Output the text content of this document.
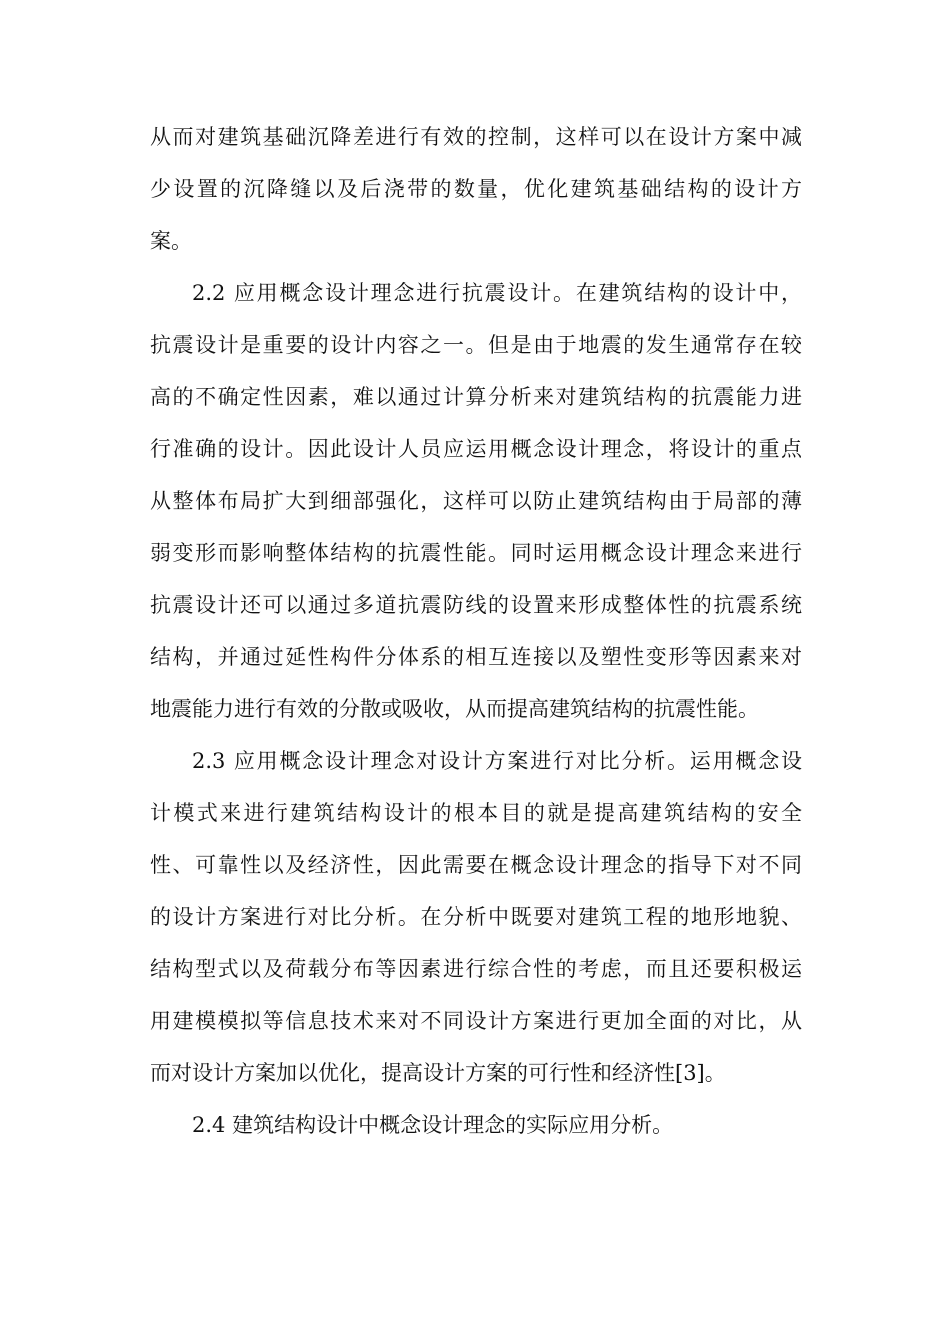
从而对建筑基础沉降差进行有效的控制，这样可以在设计方案中减
少设置的沉降缝以及后浇带的数量，优化建筑基础结构的设计方
案。
2.2 应用概念设计理念进行抗震设计。在建筑结构的设计中，
抗震设计是重要的设计内容之一。但是由于地震的发生通常存在较
高的不确定性因素，难以通过计算分析来对建筑结构的抗震能力进
行准确的设计。因此设计人员应运用概念设计理念，将设计的重点
从整体布局扩大到细部强化，这样可以防止建筑结构由于局部的薄
弱变形而影响整体结构的抗震性能。同时运用概念设计理念来进行
抗震设计还可以通过多道抗震防线的设置来形成整体性的抗震系统
结构，并通过延性构件分体系的相互连接以及塑性变形等因素来对
地震能力进行有效的分散或吸收，从而提高建筑结构的抗震性能。
2.3 应用概念设计理念对设计方案进行对比分析。运用概念设
计模式来进行建筑结构设计的根本目的就是提高建筑结构的安全
性、可靠性以及经济性，因此需要在概念设计理念的指导下对不同
的设计方案进行对比分析。在分析中既要对建筑工程的地形地貌、
结构型式以及荷载分布等因素进行综合性的考虑，而且还要积极运
用建模模拟等信息技术来对不同设计方案进行更加全面的对比，从
而对设计方案加以优化，提高设计方案的可行性和经济性[3]。
2.4 建筑结构设计中概念设计理念的实际应用分析。
